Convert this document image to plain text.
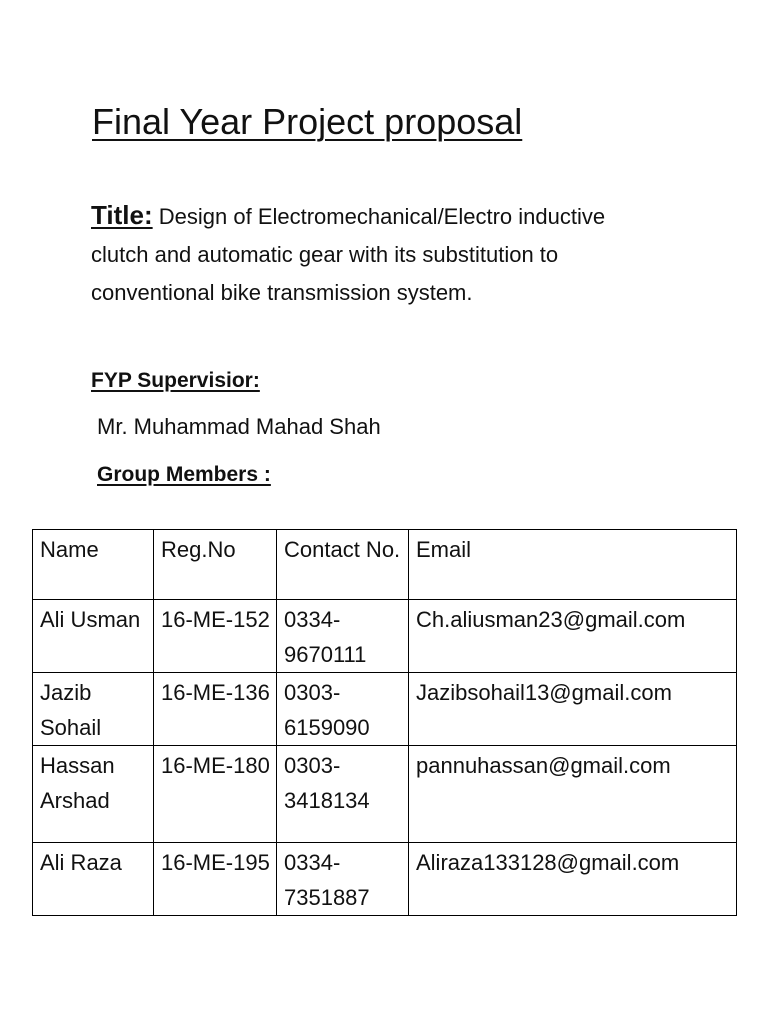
Final Year Project proposal
Title: Design of Electromechanical/Electro inductive clutch and automatic gear with its substitution to conventional bike transmission system.
FYP Supervisior:
Mr. Muhammad Mahad Shah
Group Members :
Name	Reg.No	Contact No.	Email
Ali Usman	16-ME-152	0334-9670111	Ch.aliusman23@gmail.com
Jazib Sohail	16-ME-136	0303-6159090	Jazibsohail13@gmail.com
Hassan Arshad	16-ME-180	0303-3418134	pannuhassan@gmail.com
Ali Raza	16-ME-195	0334-7351887	Aliraza133128@gmail.com
